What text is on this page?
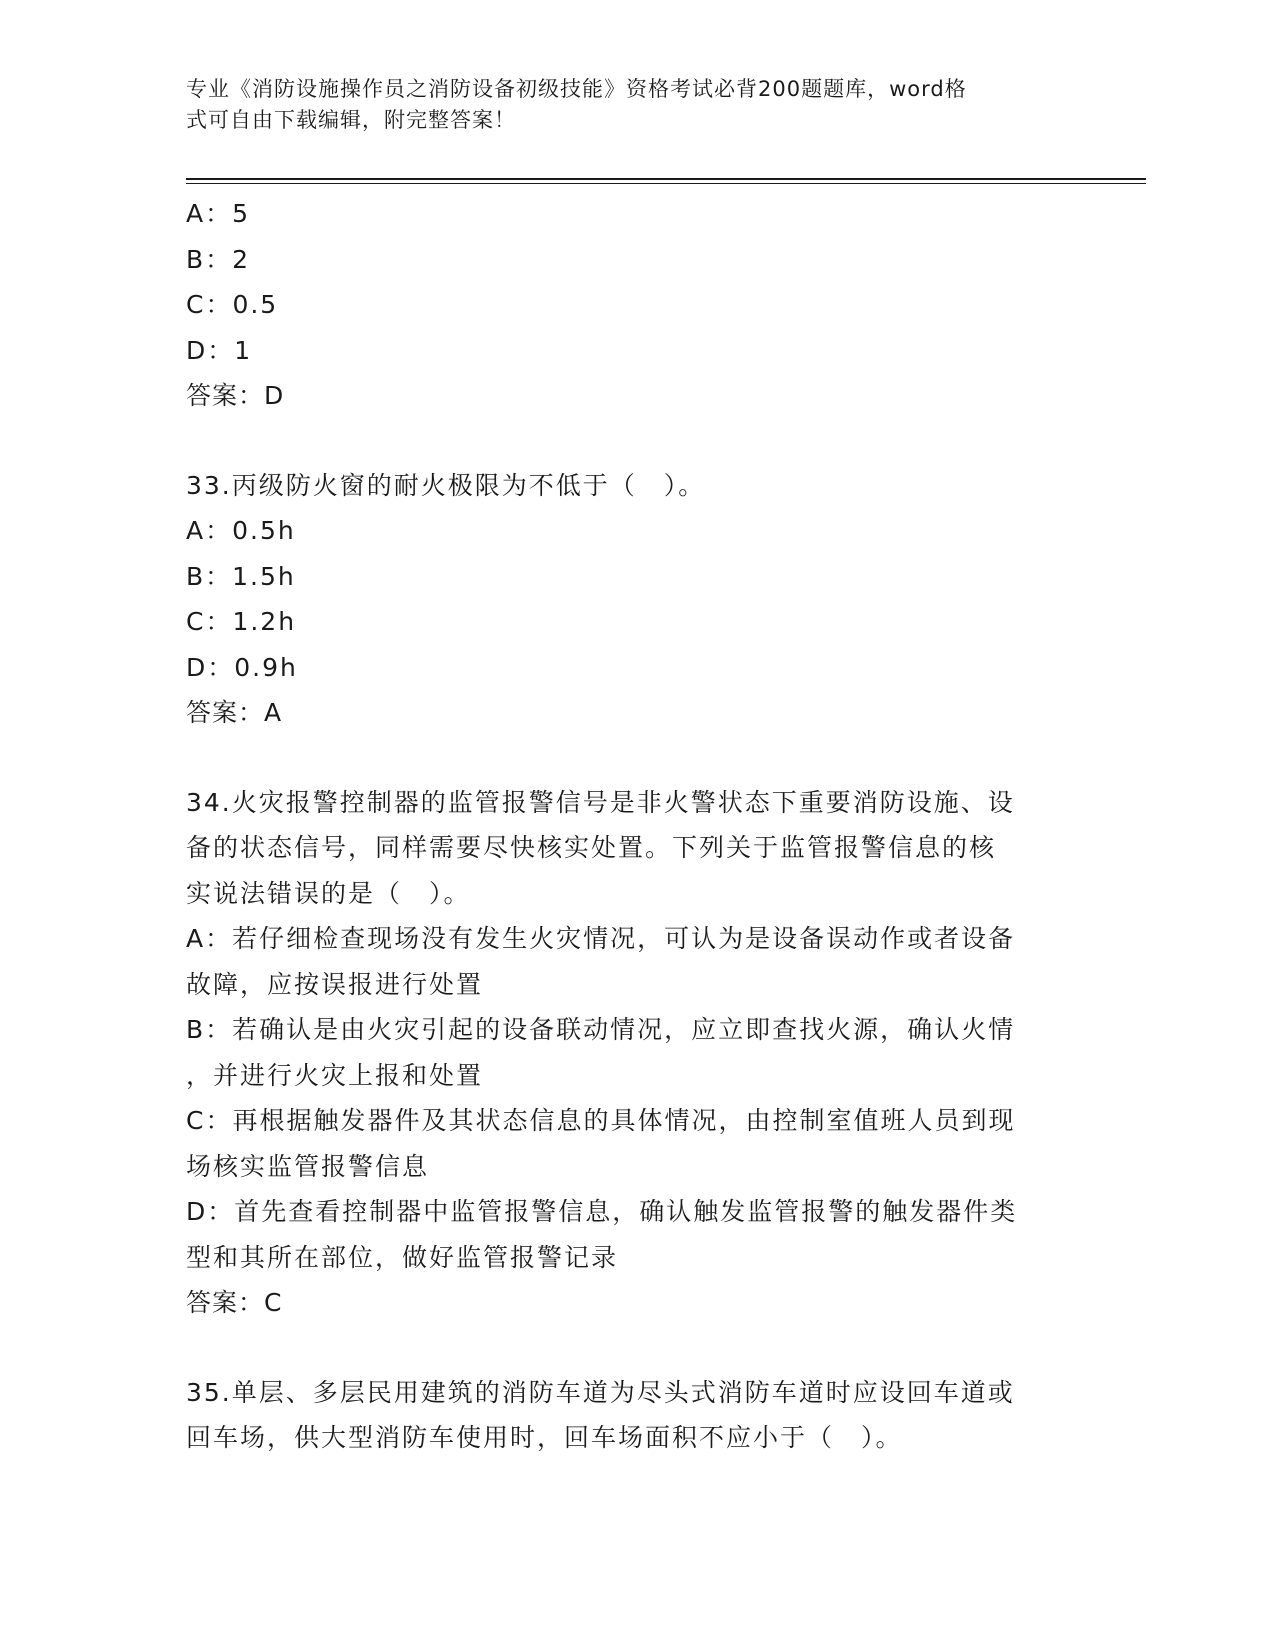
专业《消防设施操作员之消防设备初级技能》资格考试必背200题题库，word格
式可自由下载编辑，附完整答案！
A：5
B：2
C：0.5
D：1
答案：D
33.丙级防火窗的耐火极限为不低于（　）。
A：0.5h
B：1.5h
C：1.2h
D：0.9h
答案：A
34.火灾报警控制器的监管报警信号是非火警状态下重要消防设施、设
备的状态信号，同样需要尽快核实处置。下列关于监管报警信息的核
实说法错误的是（　）。
A：若仔细检查现场没有发生火灾情况，可认为是设备误动作或者设备
故障，应按误报进行处置
B：若确认是由火灾引起的设备联动情况，应立即查找火源，确认火情
，并进行火灾上报和处置
C：再根据触发器件及其状态信息的具体情况，由控制室值班人员到现
场核实监管报警信息
D：首先查看控制器中监管报警信息，确认触发监管报警的触发器件类
型和其所在部位，做好监管报警记录
答案：C
35.单层、多层民用建筑的消防车道为尽头式消防车道时应设回车道或
回车场，供大型消防车使用时，回车场面积不应小于（　）。
